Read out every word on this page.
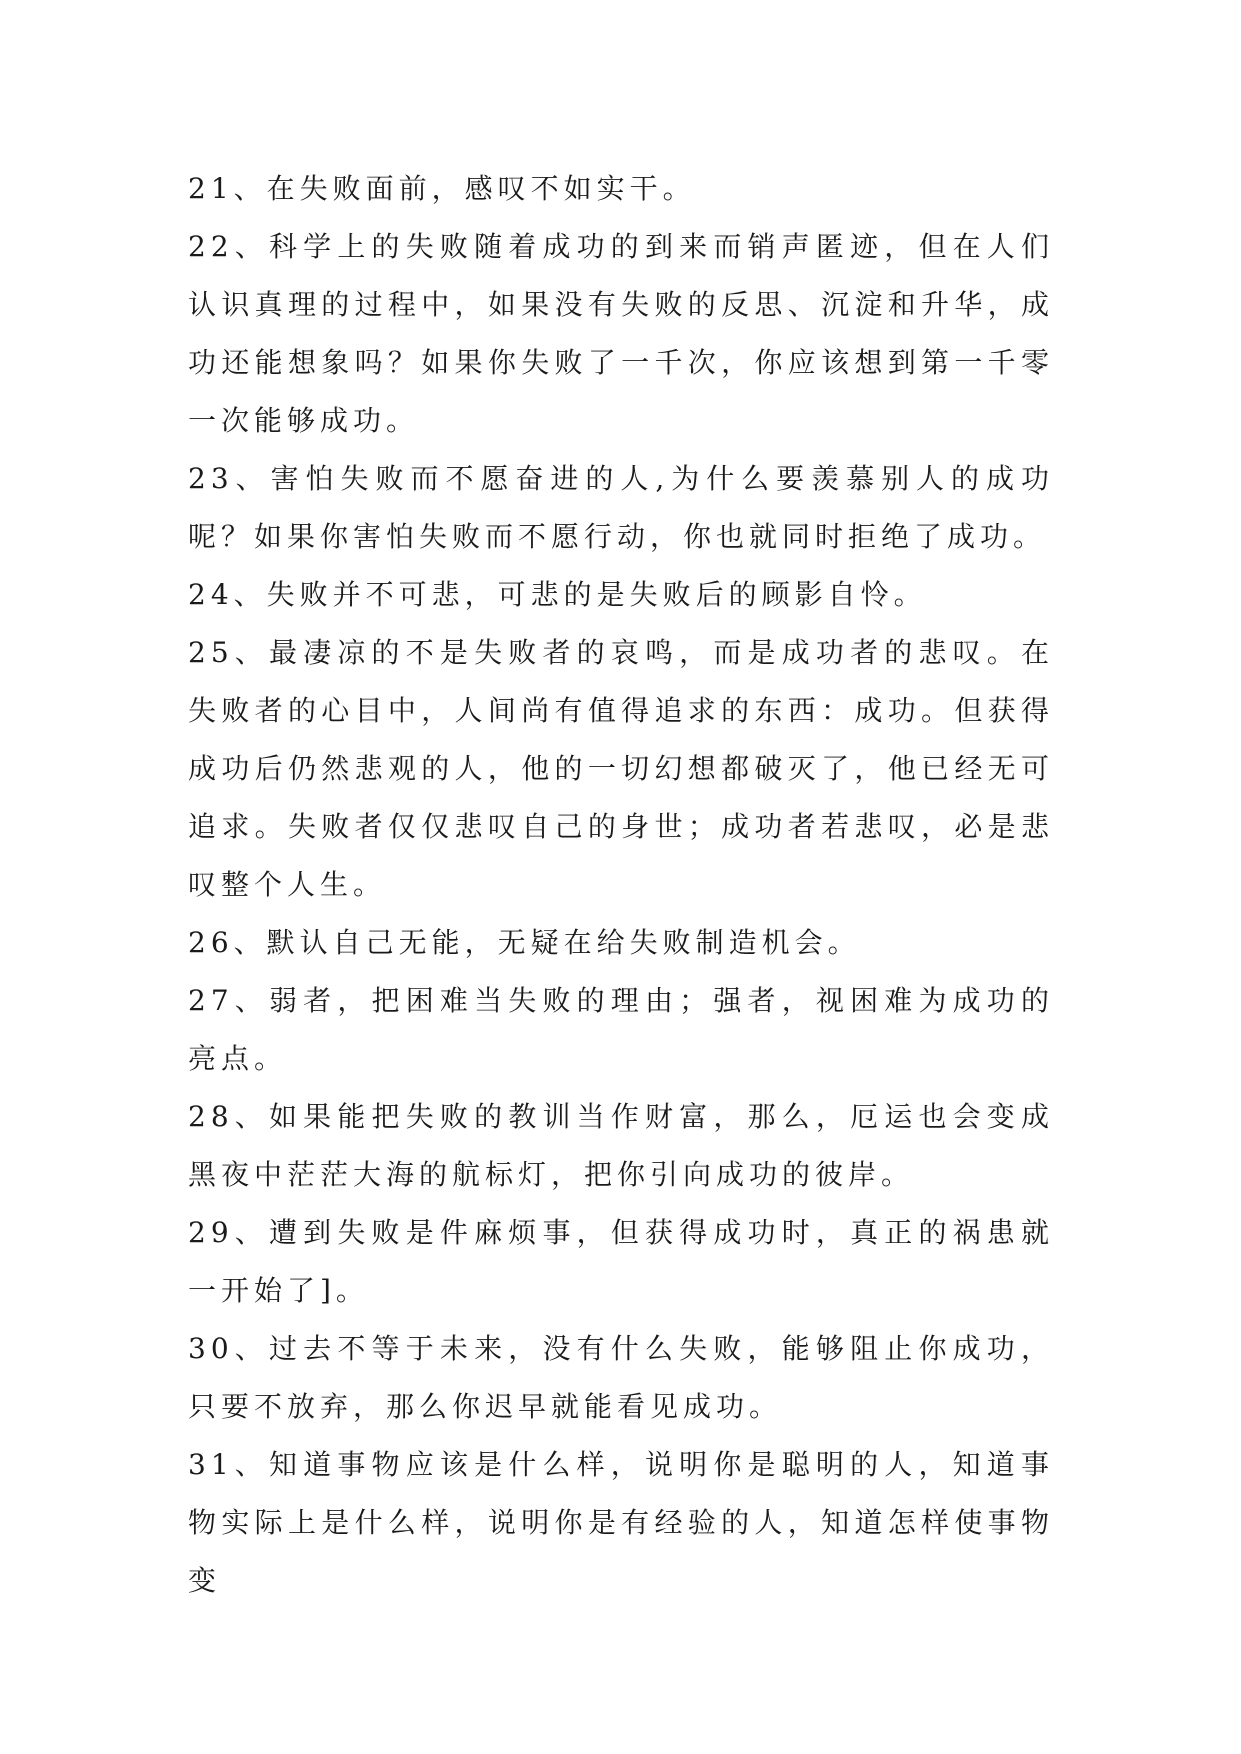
21、在失败面前，感叹不如实干。

22、科学上的失败随着成功的到来而销声匿迹，但在人们认识真理的过程中，如果没有失败的反思、沉淀和升华，成功还能想象吗？如果你失败了一千次，你应该想到第一千零一次能够成功。

23、害怕失败而不愿奋进的人,为什么要羡慕别人的成功呢？如果你害怕失败而不愿行动，你也就同时拒绝了成功。

24、失败并不可悲，可悲的是失败后的顾影自怜。

25、最凄凉的不是失败者的哀鸣，而是成功者的悲叹。在失败者的心目中，人间尚有值得追求的东西：成功。但获得成功后仍然悲观的人，他的一切幻想都破灭了，他已经无可追求。失败者仅仅悲叹自己的身世；成功者若悲叹，必是悲叹整个人生。

26、默认自己无能，无疑在给失败制造机会。

27、弱者，把困难当失败的理由；强者，视困难为成功的亮点。

28、如果能把失败的教训当作财富，那么，厄运也会变成黑夜中茫茫大海的航标灯，把你引向成功的彼岸。

29、遭到失败是件麻烦事，但获得成功时，真正的祸患就一开始了]。

30、过去不等于未来，没有什么失败，能够阻止你成功，只要不放弃，那么你迟早就能看见成功。

31、知道事物应该是什么样，说明你是聪明的人，知道事物实际上是什么样，说明你是有经验的人，知道怎样使事物变
